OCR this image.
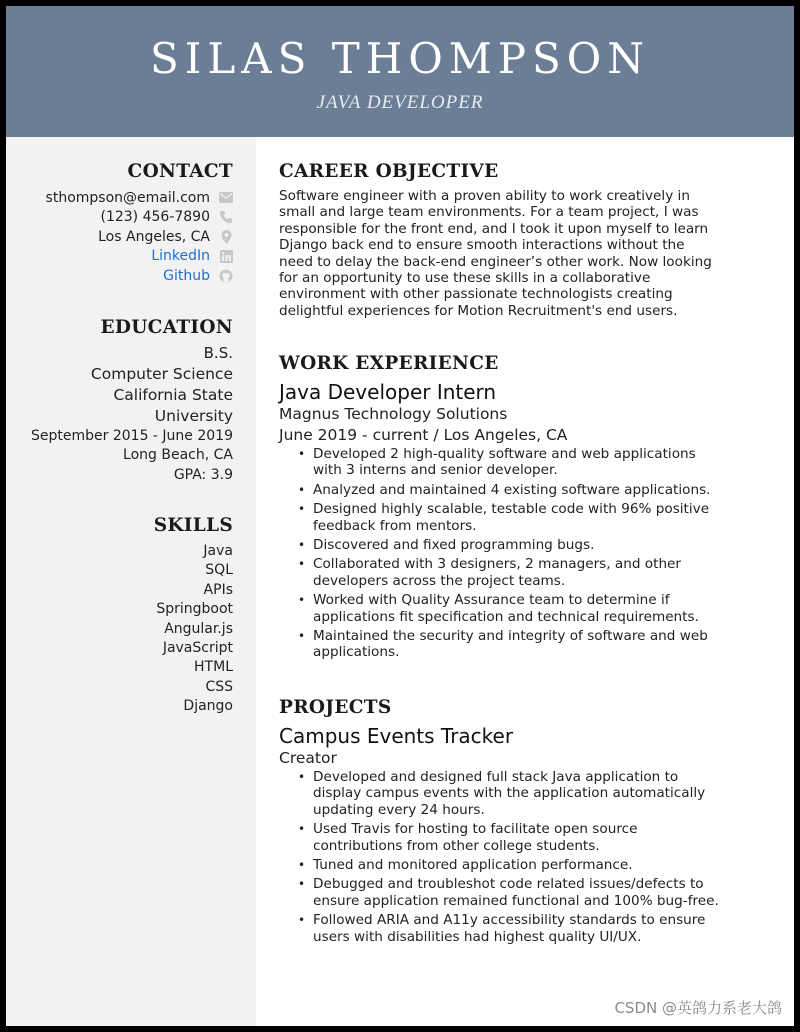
SILAS THOMPSON
JAVA DEVELOPER
CONTACT
sthompson@email.com
(123) 456-7890
Los Angeles, CA
LinkedIn
Github
EDUCATION
B.S.
Computer Science
California State
University
September 2015 - June 2019
Long Beach, CA
GPA: 3.9
SKILLS
Java
SQL
APIs
Springboot
Angular.js
JavaScript
HTML
CSS
Django
CAREER OBJECTIVE
Software engineer with a proven ability to work creatively in
small and large team environments. For a team project, I was
responsible for the front end, and I took it upon myself to learn
Django back end to ensure smooth interactions without the
need to delay the back-end engineer’s other work. Now looking
for an opportunity to use these skills in a collaborative
environment with other passionate technologists creating
delightful experiences for Motion Recruitment's end users.
WORK EXPERIENCE
Java Developer Intern
Magnus Technology Solutions
June 2019 - current / Los Angeles, CA
• Developed 2 high-quality software and web applications
with 3 interns and senior developer.
• Analyzed and maintained 4 existing software applications.
• Designed highly scalable, testable code with 96% positive
feedback from mentors.
• Discovered and fixed programming bugs.
• Collaborated with 3 designers, 2 managers, and other
developers across the project teams.
• Worked with Quality Assurance team to determine if
applications fit specification and technical requirements.
• Maintained the security and integrity of software and web
applications.
PROJECTS
Campus Events Tracker
Creator
• Developed and designed full stack Java application to
display campus events with the application automatically
updating every 24 hours.
• Used Travis for hosting to facilitate open source
contributions from other college students.
• Tuned and monitored application performance.
• Debugged and troubleshot code related issues/defects to
ensure application remained functional and 100% bug-free.
• Followed ARIA and A11y accessibility standards to ensure
users with disabilities had highest quality UI/UX.
CSDN @英鸽力系老大鸽
